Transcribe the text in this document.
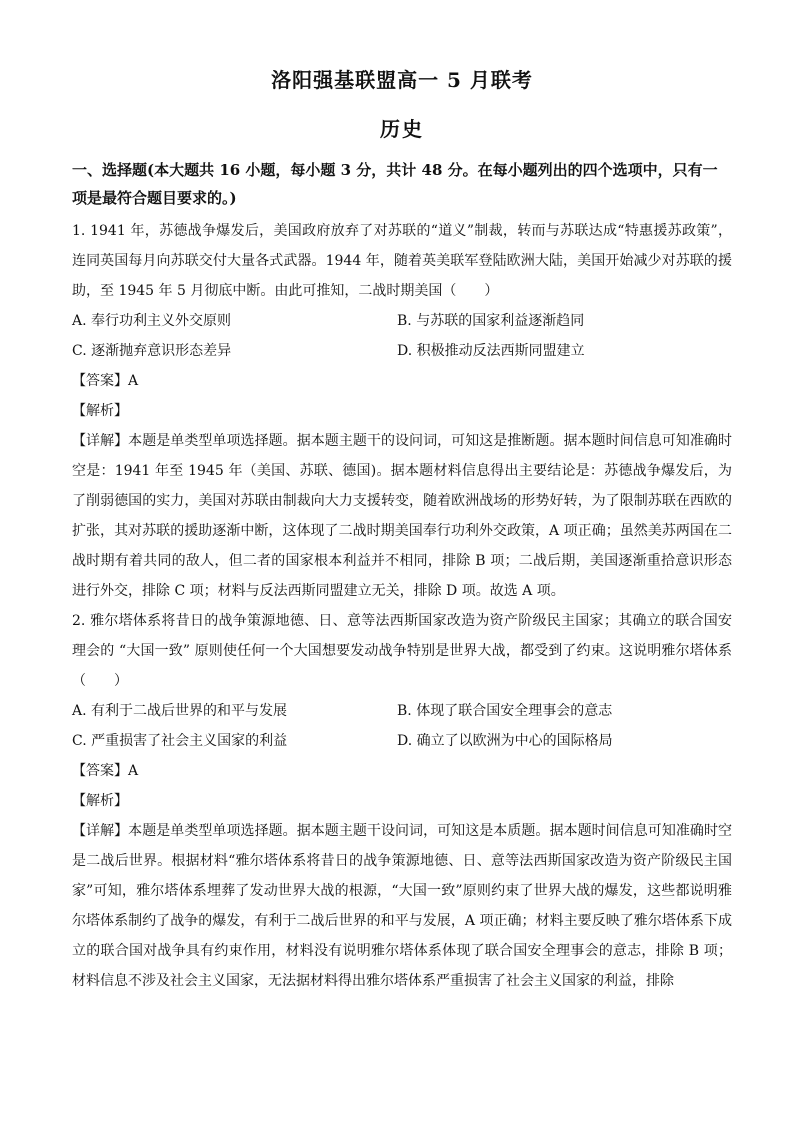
洛阳强基联盟高一 5 月联考
历史
一、选择题(本大题共 16 小题，每小题 3 分，共计 48 分。在每小题列出的四个选项中，只有一项是最符合题目要求的。)

1. 1941 年，苏德战争爆发后，美国政府放弃了对苏联的“道义”制裁，转而与苏联达成“特惠援苏政策”，连同英国每月向苏联交付大量各式武器。1944 年，随着英美联军登陆欧洲大陆，美国开始减少对苏联的援助，至 1945 年 5 月彻底中断。由此可推知，二战时期美国（　　）

A. 奉行功利主义外交原则	B. 与苏联的国家利益逐渐趋同
C. 逐渐抛弃意识形态差异	D. 积极推动反法西斯同盟建立

【答案】A

【解析】

【详解】本题是单类型单项选择题。据本题主题干的设问词，可知这是推断题。据本题时间信息可知准确时空是：1941 年至 1945 年（美国、苏联、德国)。据本题材料信息得出主要结论是：苏德战争爆发后，为了削弱德国的实力，美国对苏联由制裁向大力支援转变，随着欧洲战场的形势好转，为了限制苏联在西欧的扩张，其对苏联的援助逐渐中断，这体现了二战时期美国奉行功利外交政策，A 项正确；虽然美苏两国在二战时期有着共同的敌人，但二者的国家根本利益并不相同，排除 B 项；二战后期，美国逐渐重拾意识形态进行外交，排除 C 项；材料与反法西斯同盟建立无关，排除 D 项。故选 A 项。

2. 雅尔塔体系将昔日的战争策源地德、日、意等法西斯国家改造为资产阶级民主国家；其确立的联合国安理会的 “大国一致” 原则使任何一个大国想要发动战争特别是世界大战，都受到了约束。这说明雅尔塔体系（　　）

A. 有利于二战后世界的和平与发展	B. 体现了联合国安全理事会的意志
C. 严重损害了社会主义国家的利益	D. 确立了以欧洲为中心的国际格局

【答案】A

【解析】

【详解】本题是单类型单项选择题。据本题主题干设问词，可知这是本质题。据本题时间信息可知准确时空是二战后世界。根据材料“雅尔塔体系将昔日的战争策源地德、日、意等法西斯国家改造为资产阶级民主国家”可知，雅尔塔体系埋葬了发动世界大战的根源，“大国一致”原则约束了世界大战的爆发，这些都说明雅尔塔体系制约了战争的爆发，有利于二战后世界的和平与发展，A 项正确；材料主要反映了雅尔塔体系下成立的联合国对战争具有约束作用，材料没有说明雅尔塔体系体现了联合国安全理事会的意志，排除 B 项；材料信息不涉及社会主义国家，无法据材料得出雅尔塔体系严重损害了社会主义国家的利益，排除
